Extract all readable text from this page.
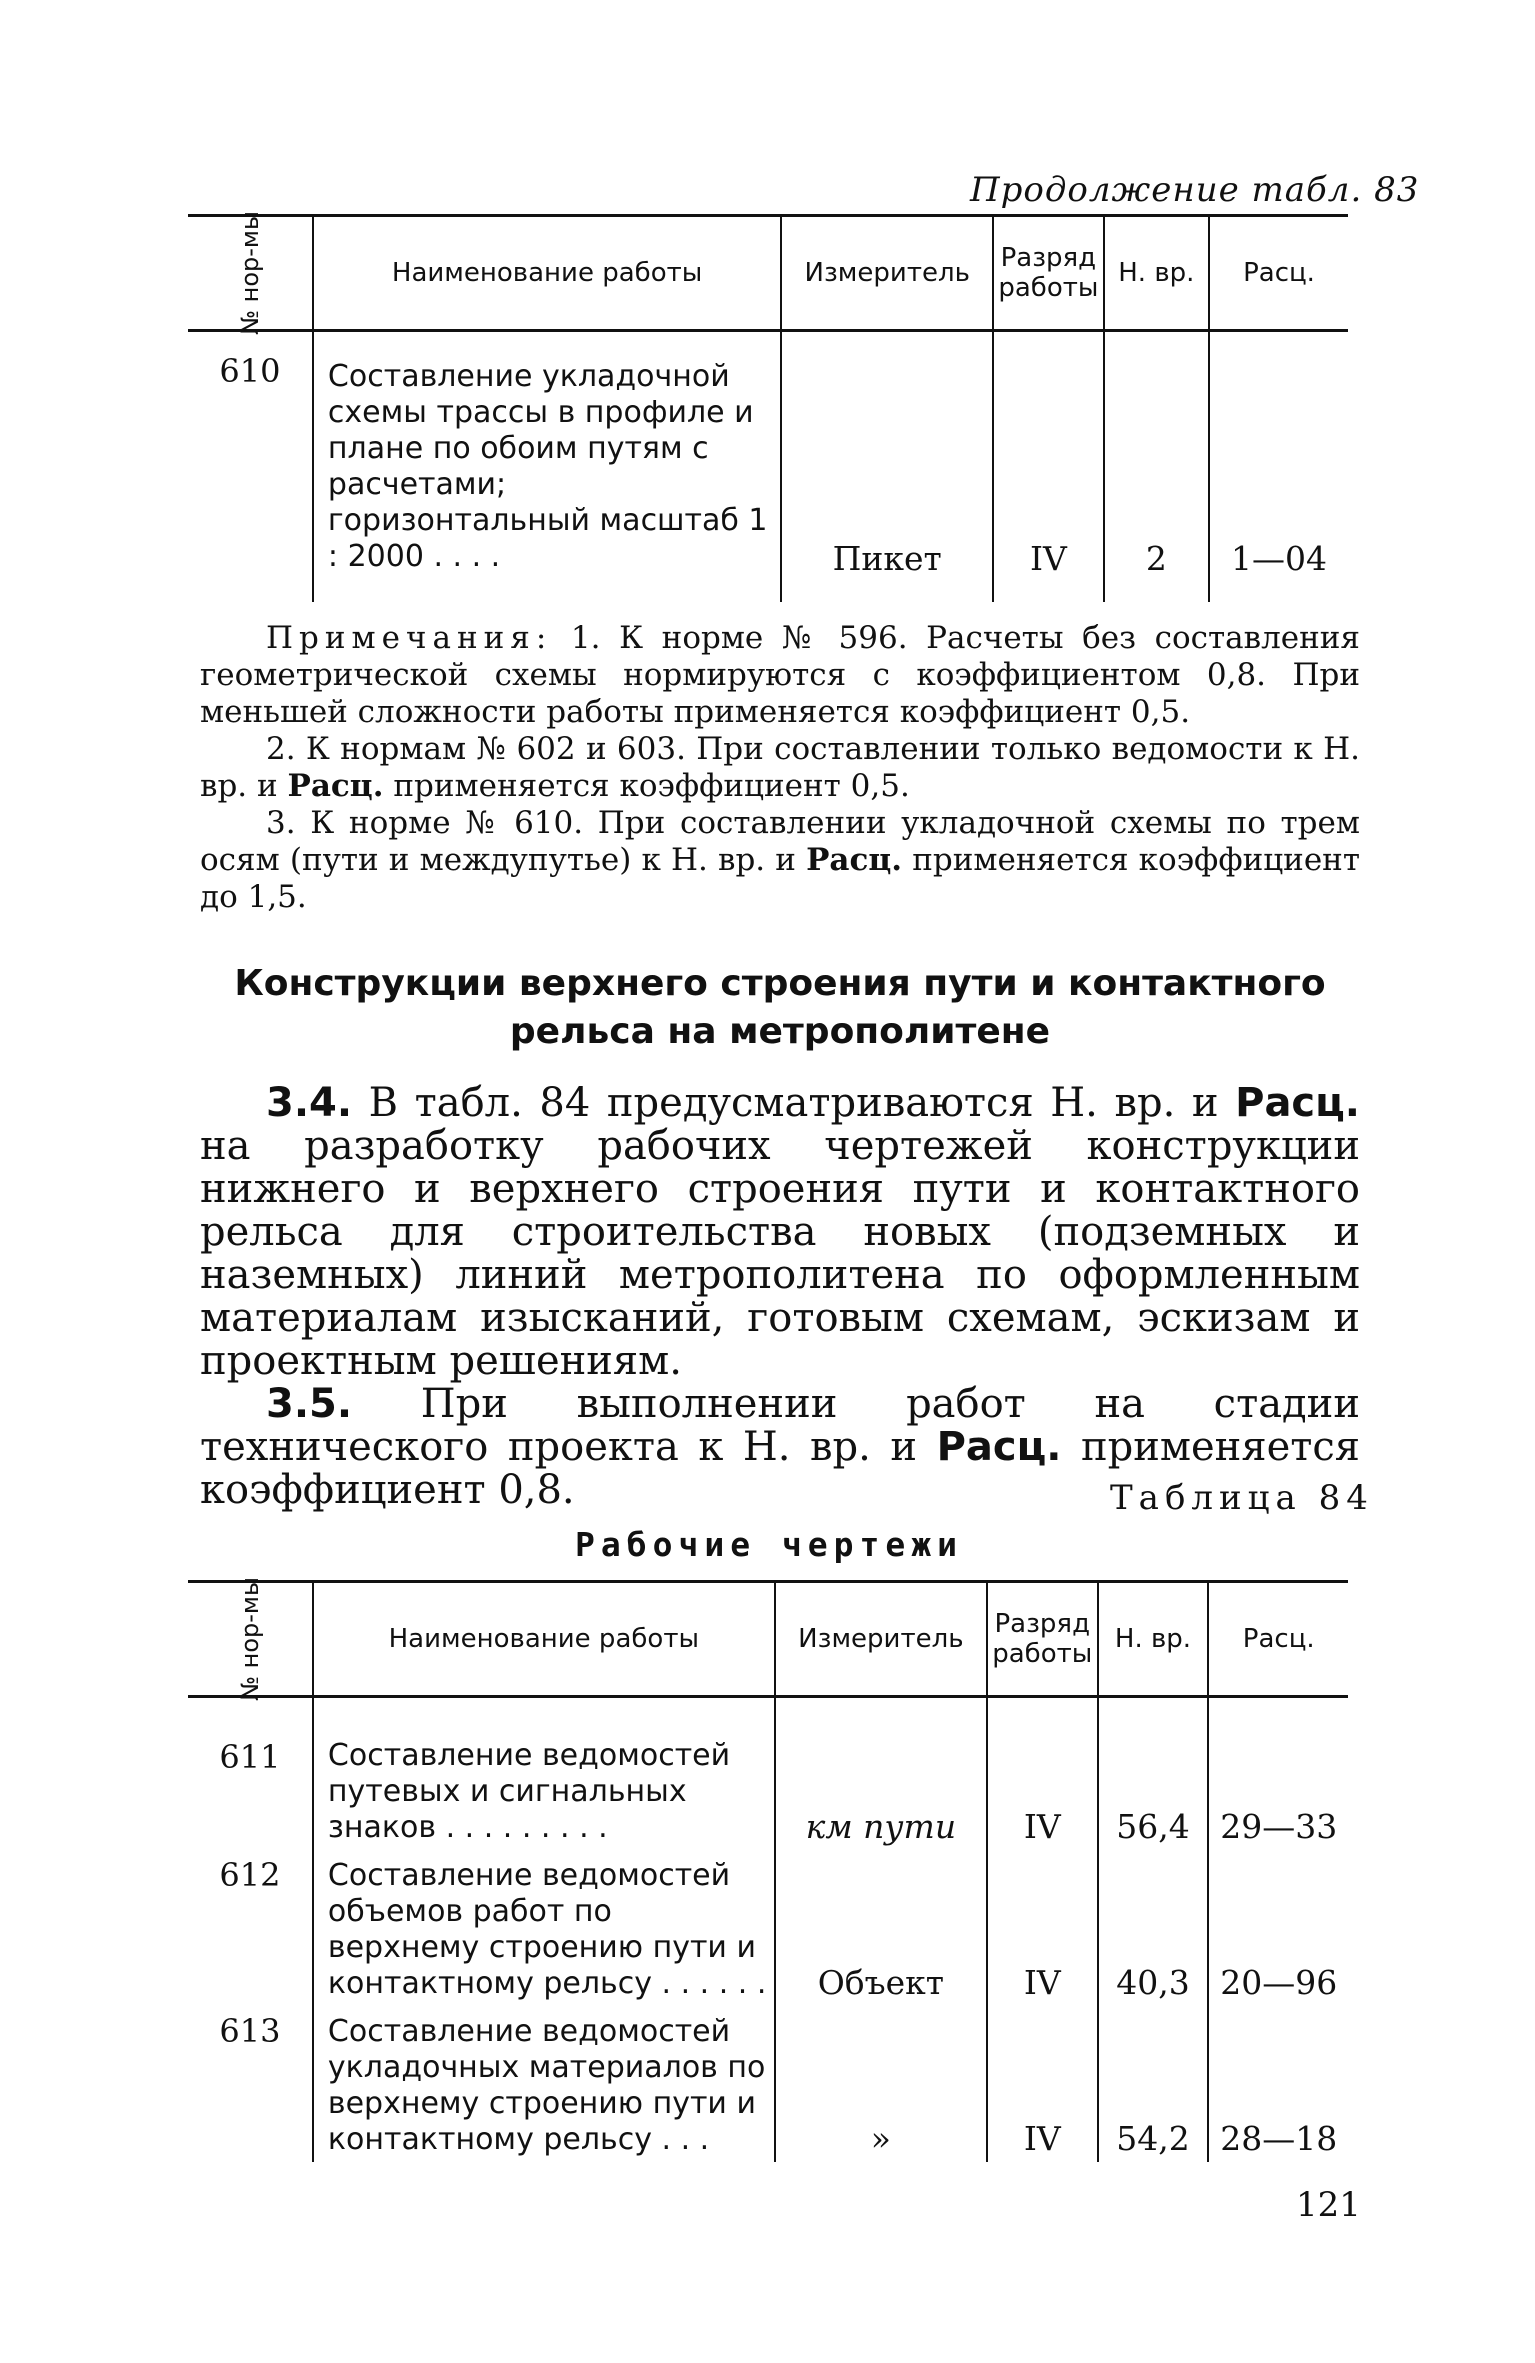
Продолжение табл. 83
№ нор-мы	Наименование работы	Измеритель	Разряд работы	Н. вр.	Расц.
610	Составление укладочной схемы трассы в профиле и плане по обоим путям с расчетами; горизонтальный масштаб 1 : 2000 . . . .	Пикет	IV	2	1—04

Примечания: 1. К норме № 596. Расчеты без составления геометрической схемы нормируются с коэффициентом 0,8. При меньшей сложности работы применяется коэффициент 0,5.

2. К нормам № 602 и 603. При составлении только ведомости к Н. вр. и Расц. применяется коэффициент 0,5.

3. К норме № 610. При составлении укладочной схемы по трем осям (пути и междупутье) к Н. вр. и Расц. применяется коэффициент до 1,5.

Конструкции верхнего строения пути и контактного рельса на метрополитене

3.4. В табл. 84 предусматриваются Н. вр. и Расц. на разработку рабочих чертежей конструкции нижнего и верхнего строения пути и контактного рельса для строительства новых (подземных и наземных) линий метрополитена по оформленным материалам изысканий, готовым схемам, эскизам и проектным решениям.

3.5. При выполнении работ на стадии технического проекта к Н. вр. и Расц. применяется коэффициент 0,8.	Таблица 84
Рабочие чертежи
№ нор-мы	Наименование работы	Измеритель	Разряд работы	Н. вр.	Расц.
611	Составление ведомостей путевых и сигнальных знаков . . . . . . . . .	км пути	IV	56,4	29—33
612	Составление ведомостей объемов работ по верхнему строению пути и контактному рельсу . . . . . .	Объект	IV	40,3	20—96
613	Составление ведомостей укладочных материалов по верхнему строению пути и контактному рельсу . . .	»	IV	54,2	28—18
121
